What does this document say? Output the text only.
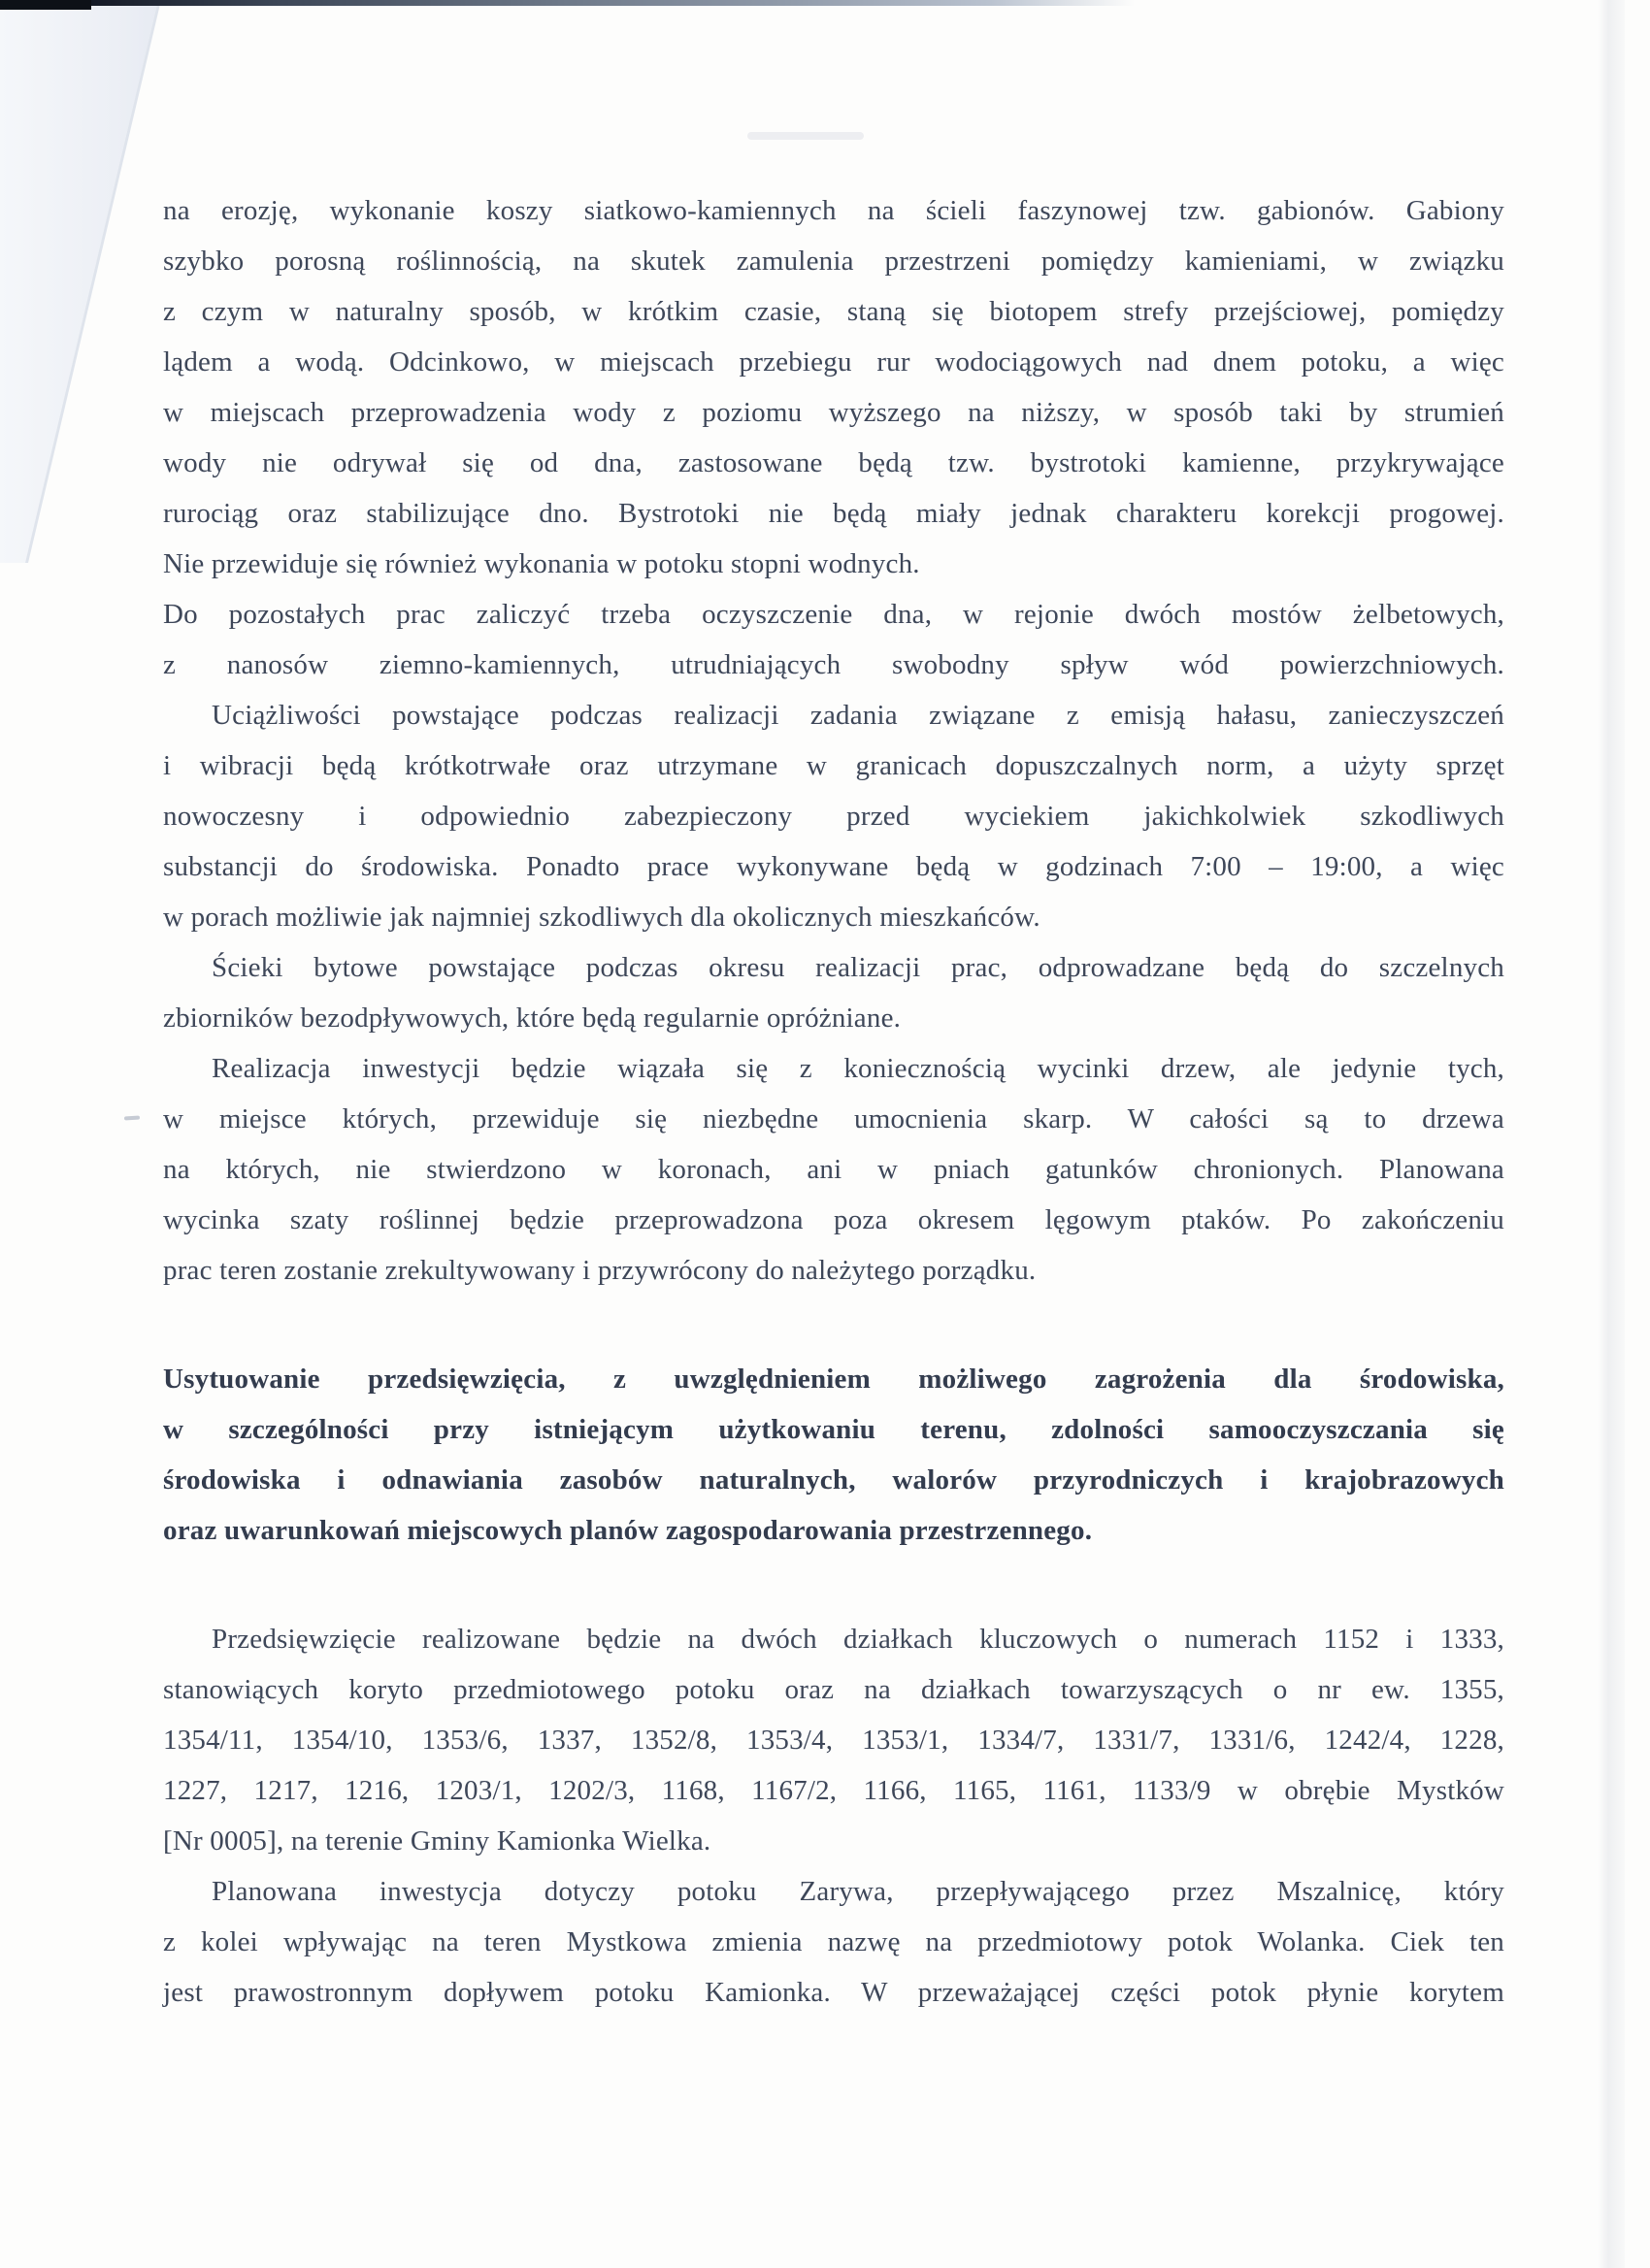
na erozję, wykonanie koszy siatkowo-kamiennych na ścieli faszynowej tzw. gabionów. Gabiony
szybko porosną roślinnością, na skutek zamulenia przestrzeni pomiędzy kamieniami, w związku
z czym w naturalny sposób, w krótkim czasie, staną się biotopem strefy przejściowej, pomiędzy
lądem a wodą. Odcinkowo, w miejscach przebiegu rur wodociągowych nad dnem potoku, a więc
w miejscach przeprowadzenia wody z poziomu wyższego na niższy, w sposób taki by strumień
wody nie odrywał się od dna, zastosowane będą tzw. bystrotoki kamienne, przykrywające
rurociąg oraz stabilizujące dno. Bystrotoki nie będą miały jednak charakteru korekcji progowej.
Nie przewiduje się również wykonania w potoku stopni wodnych.
Do pozostałych prac zaliczyć trzeba oczyszczenie dna, w rejonie dwóch mostów żelbetowych,
z nanosów ziemno-kamiennych, utrudniających swobodny spływ wód powierzchniowych.
Uciążliwości powstające podczas realizacji zadania związane z emisją hałasu, zanieczyszczeń
i wibracji będą krótkotrwałe oraz utrzymane w granicach dopuszczalnych norm, a użyty sprzęt
nowoczesny i odpowiednio zabezpieczony przed wyciekiem jakichkolwiek szkodliwych
substancji do środowiska. Ponadto prace wykonywane będą w godzinach 7:00 – 19:00, a więc
w porach możliwie jak najmniej szkodliwych dla okolicznych mieszkańców.
Ścieki bytowe powstające podczas okresu realizacji prac, odprowadzane będą do szczelnych
zbiorników bezodpływowych, które będą regularnie opróżniane.
Realizacja inwestycji będzie wiązała się z koniecznością wycinki drzew, ale jedynie tych,
w miejsce których, przewiduje się niezbędne umocnienia skarp. W całości są to drzewa
na których, nie stwierdzono w koronach, ani w pniach gatunków chronionych. Planowana
wycinka szaty roślinnej będzie przeprowadzona poza okresem lęgowym ptaków. Po zakończeniu
prac teren zostanie zrekultywowany i przywrócony do należytego porządku.
Usytuowanie przedsięwzięcia, z uwzględnieniem możliwego zagrożenia dla środowiska,
w szczególności przy istniejącym użytkowaniu terenu, zdolności samooczyszczania się
środowiska i odnawiania zasobów naturalnych, walorów przyrodniczych i krajobrazowych
oraz uwarunkowań miejscowych planów zagospodarowania przestrzennego.
Przedsięwzięcie realizowane będzie na dwóch działkach kluczowych o numerach 1152 i 1333,
stanowiących koryto przedmiotowego potoku oraz na działkach towarzyszących o nr ew. 1355,
1354/11, 1354/10, 1353/6, 1337, 1352/8, 1353/4, 1353/1, 1334/7, 1331/7, 1331/6, 1242/4, 1228,
1227, 1217, 1216, 1203/1, 1202/3, 1168, 1167/2, 1166, 1165, 1161, 1133/9 w obrębie Mystków
[Nr 0005], na terenie Gminy Kamionka Wielka.
Planowana inwestycja dotyczy potoku Zarywa, przepływającego przez Mszalnicę, który
z kolei wpływając na teren Mystkowa zmienia nazwę na przedmiotowy potok Wolanka. Ciek ten
jest prawostronnym dopływem potoku Kamionka. W przeważającej części potok płynie korytem
